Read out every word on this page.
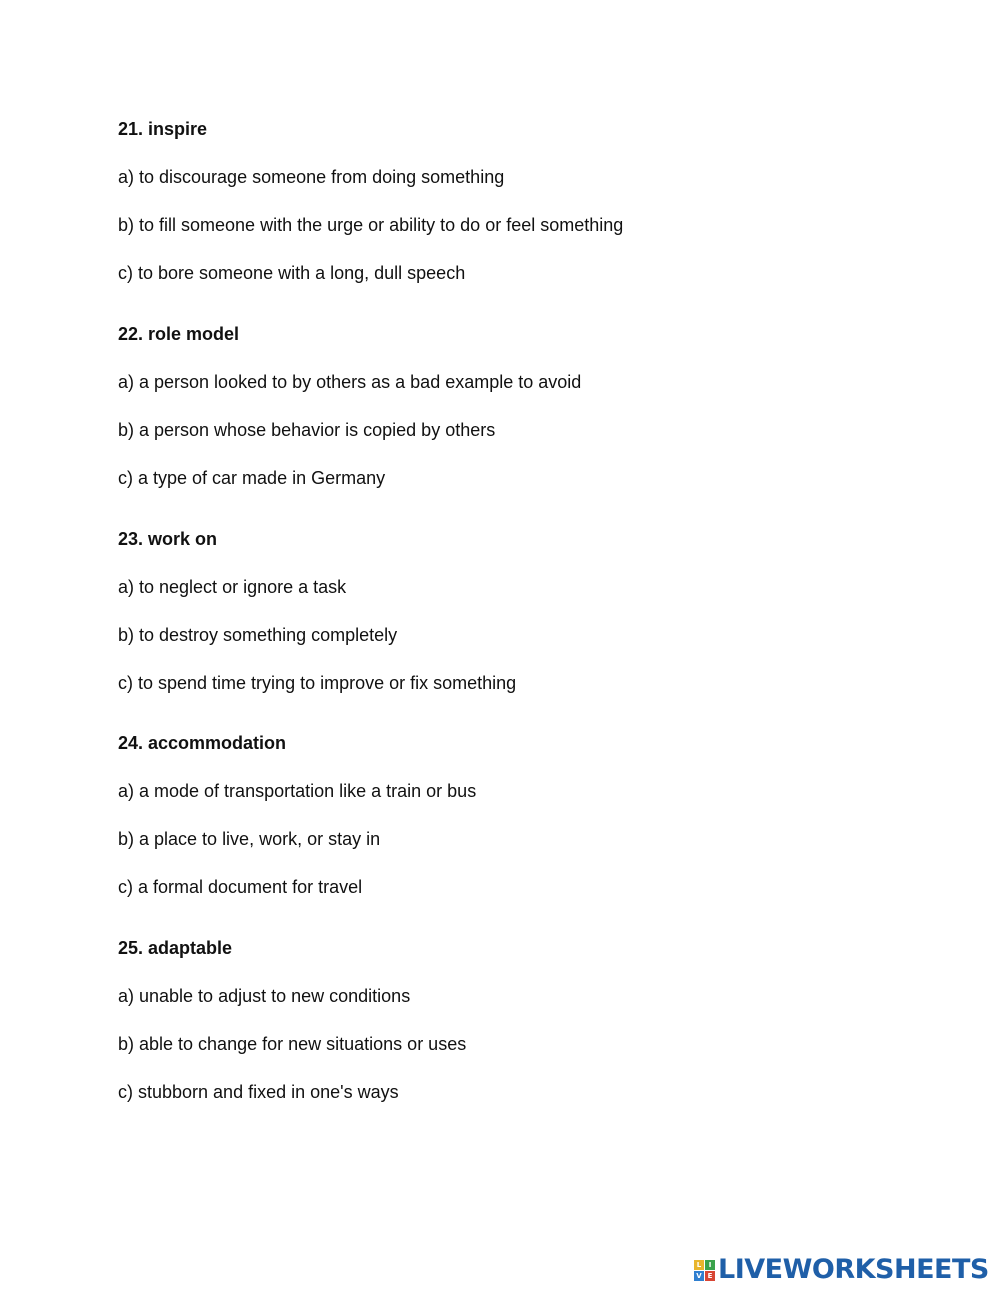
21. inspire

a) to discourage someone from doing something

b) to fill someone with the urge or ability to do or feel something

c) to bore someone with a long, dull speech

22. role model

a) a person looked to by others as a bad example to avoid

b) a person whose behavior is copied by others

c) a type of car made in Germany

23. work on

a) to neglect or ignore a task

b) to destroy something completely

c) to spend time trying to improve or fix something

24. accommodation

a) a mode of transportation like a train or bus

b) a place to live, work, or stay in

c) a formal document for travel

25. adaptable

a) unable to adjust to new conditions

b) able to change for new situations or uses

c) stubborn and fixed in one's ways

L	I
V E LIVEWORKSHEETS
